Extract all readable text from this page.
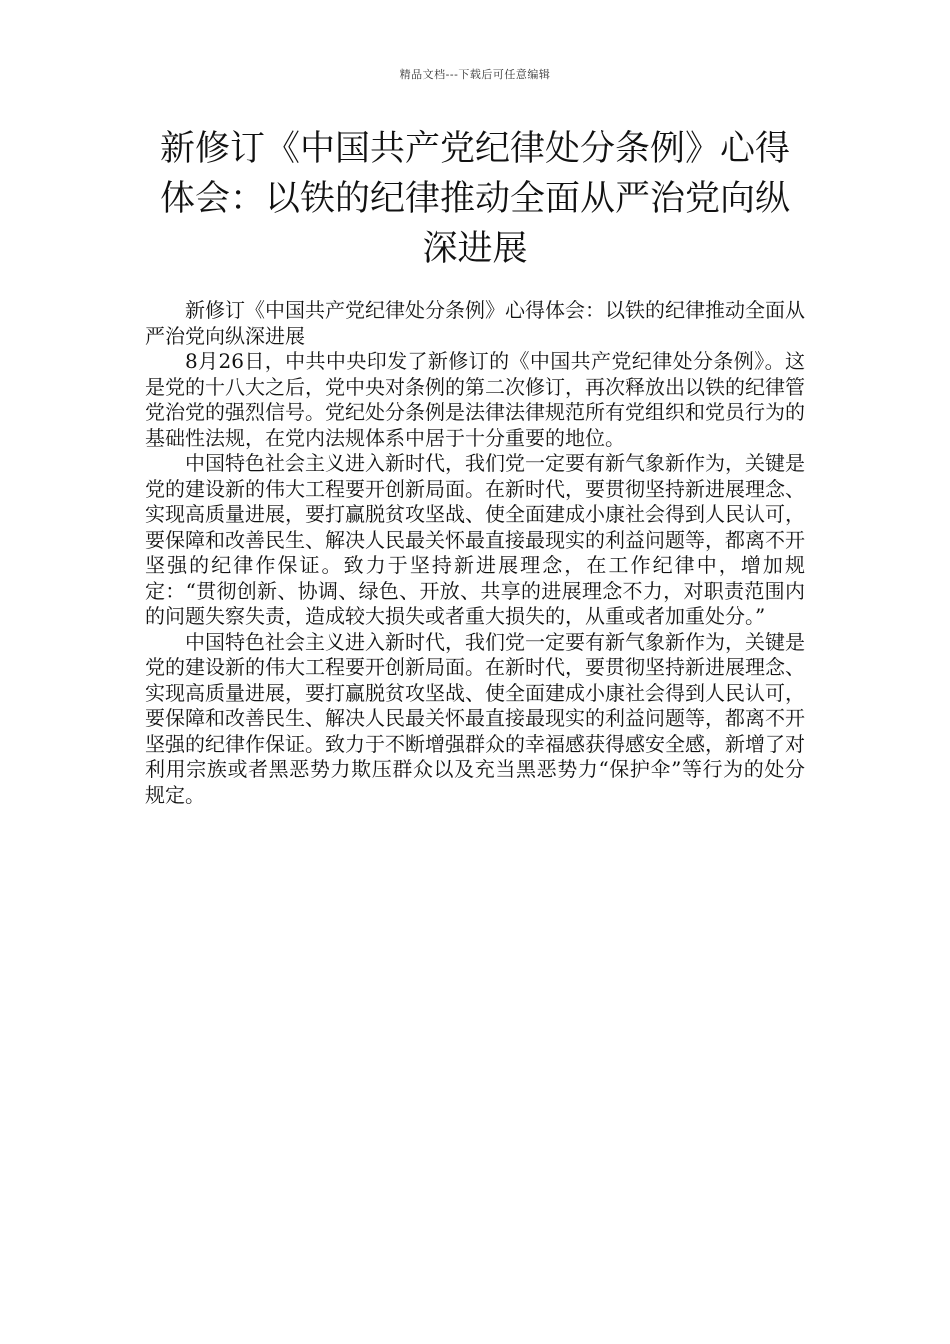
精品文档---下载后可任意编辑
新修订《中国共产党纪律处分条例》心得体会：以铁的纪律推动全面从严治党向纵深进展

新修订《中国共产党纪律处分条例》心得体会：以铁的纪律推动全面从严治党向纵深进展

8月26日，中共中央印发了新修订的《中国共产党纪律处分条例》。这是党的十八大之后，党中央对条例的第二次修订，再次释放出以铁的纪律管党治党的强烈信号。党纪处分条例是法律法律规范所有党组织和党员行为的基础性法规，在党内法规体系中居于十分重要的地位。

中国特色社会主义进入新时代，我们党一定要有新气象新作为，关键是党的建设新的伟大工程要开创新局面。在新时代，要贯彻坚持新进展理念、实现高质量进展，要打赢脱贫攻坚战、使全面建成小康社会得到人民认可，要保障和改善民生、解决人民最关怀最直接最现实的利益问题等，都离不开坚强的纪律作保证。致力于坚持新进展理念，在工作纪律中，增加规定：“贯彻创新、协调、绿色、开放、共享的进展理念不力，对职责范围内的问题失察失责，造成较大损失或者重大损失的，从重或者加重处分。”

中国特色社会主义进入新时代，我们党一定要有新气象新作为，关键是党的建设新的伟大工程要开创新局面。在新时代，要贯彻坚持新进展理念、实现高质量进展，要打赢脱贫攻坚战、使全面建成小康社会得到人民认可，要保障和改善民生、解决人民最关怀最直接最现实的利益问题等，都离不开坚强的纪律作保证。致力于不断增强群众的幸福感获得感安全感，新增了对利用宗族或者黑恶势力欺压群众以及充当黑恶势力“保护伞”等行为的处分规定。
